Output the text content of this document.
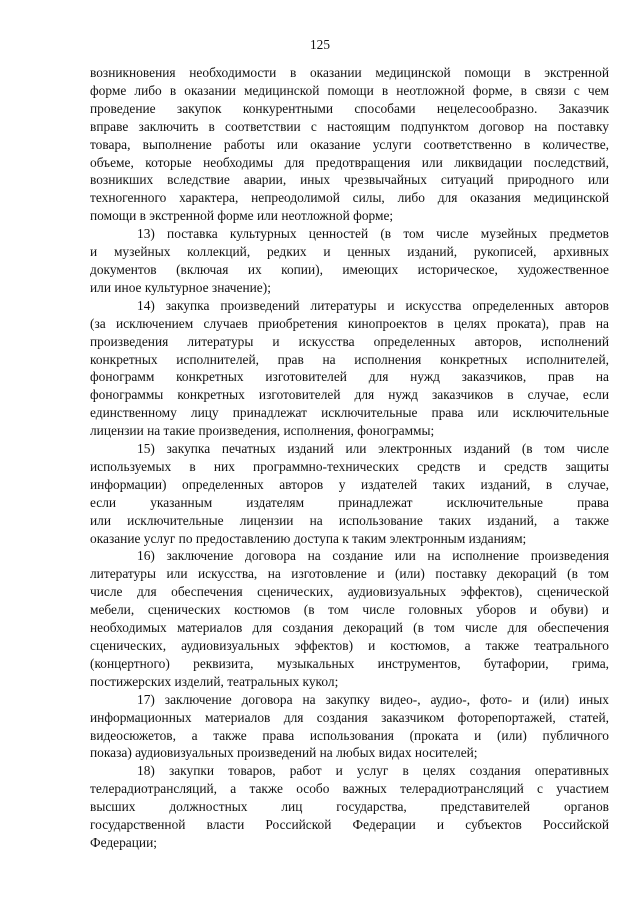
125
возникновения необходимости в оказании медицинской помощи в экстренной
форме либо в оказании медицинской помощи в неотложной форме, в связи с чем
проведение закупок конкурентными способами нецелесообразно. Заказчик
вправе заключить в соответствии с настоящим подпунктом договор на поставку
товара, выполнение работы или оказание услуги соответственно в количестве,
объеме, которые необходимы для предотвращения или ликвидации последствий,
возникших вследствие аварии, иных чрезвычайных ситуаций природного или
техногенного характера, непреодолимой силы, либо для оказания медицинской
помощи в экстренной форме или неотложной форме;
13) поставка культурных ценностей (в том числе музейных предметов
и музейных коллекций, редких и ценных изданий, рукописей, архивных
документов (включая их копии), имеющих историческое, художественное
или иное культурное значение);
14) закупка произведений литературы и искусства определенных авторов
(за исключением случаев приобретения кинопроектов в целях проката), прав на
произведения литературы и искусства определенных авторов, исполнений
конкретных исполнителей, прав на исполнения конкретных исполнителей,
фонограмм конкретных изготовителей для нужд заказчиков, прав на
фонограммы конкретных изготовителей для нужд заказчиков в случае, если
единственному лицу принадлежат исключительные права или исключительные
лицензии на такие произведения, исполнения, фонограммы;
15) закупка печатных изданий или электронных изданий (в том числе
используемых в них программно-технических средств и средств защиты
информации) определенных авторов у издателей таких изданий, в случае,
если указанным издателям принадлежат исключительные права
или исключительные лицензии на использование таких изданий, а также
оказание услуг по предоставлению доступа к таким электронным изданиям;
16) заключение договора на создание или на исполнение произведения
литературы или искусства, на изготовление и (или) поставку декораций (в том
числе для обеспечения сценических, аудиовизуальных эффектов), сценической
мебели, сценических костюмов (в том числе головных уборов и обуви) и
необходимых материалов для создания декораций (в том числе для обеспечения
сценических, аудиовизуальных эффектов) и костюмов, а также театрального
(концертного) реквизита, музыкальных инструментов, бутафории, грима,
постижерских изделий, театральных кукол;
17) заключение договора на закупку видео-, аудио-, фото- и (или) иных
информационных материалов для создания заказчиком фоторепортажей, статей,
видеосюжетов, а также права использования (проката и (или) публичного
показа) аудиовизуальных произведений на любых видах носителей;
18) закупки товаров, работ и услуг в целях создания оперативных
телерадиотрансляций, а также особо важных телерадиотрансляций с участием
высших должностных лиц государства, представителей органов
государственной власти Российской Федерации и субъектов Российской
Федерации;
